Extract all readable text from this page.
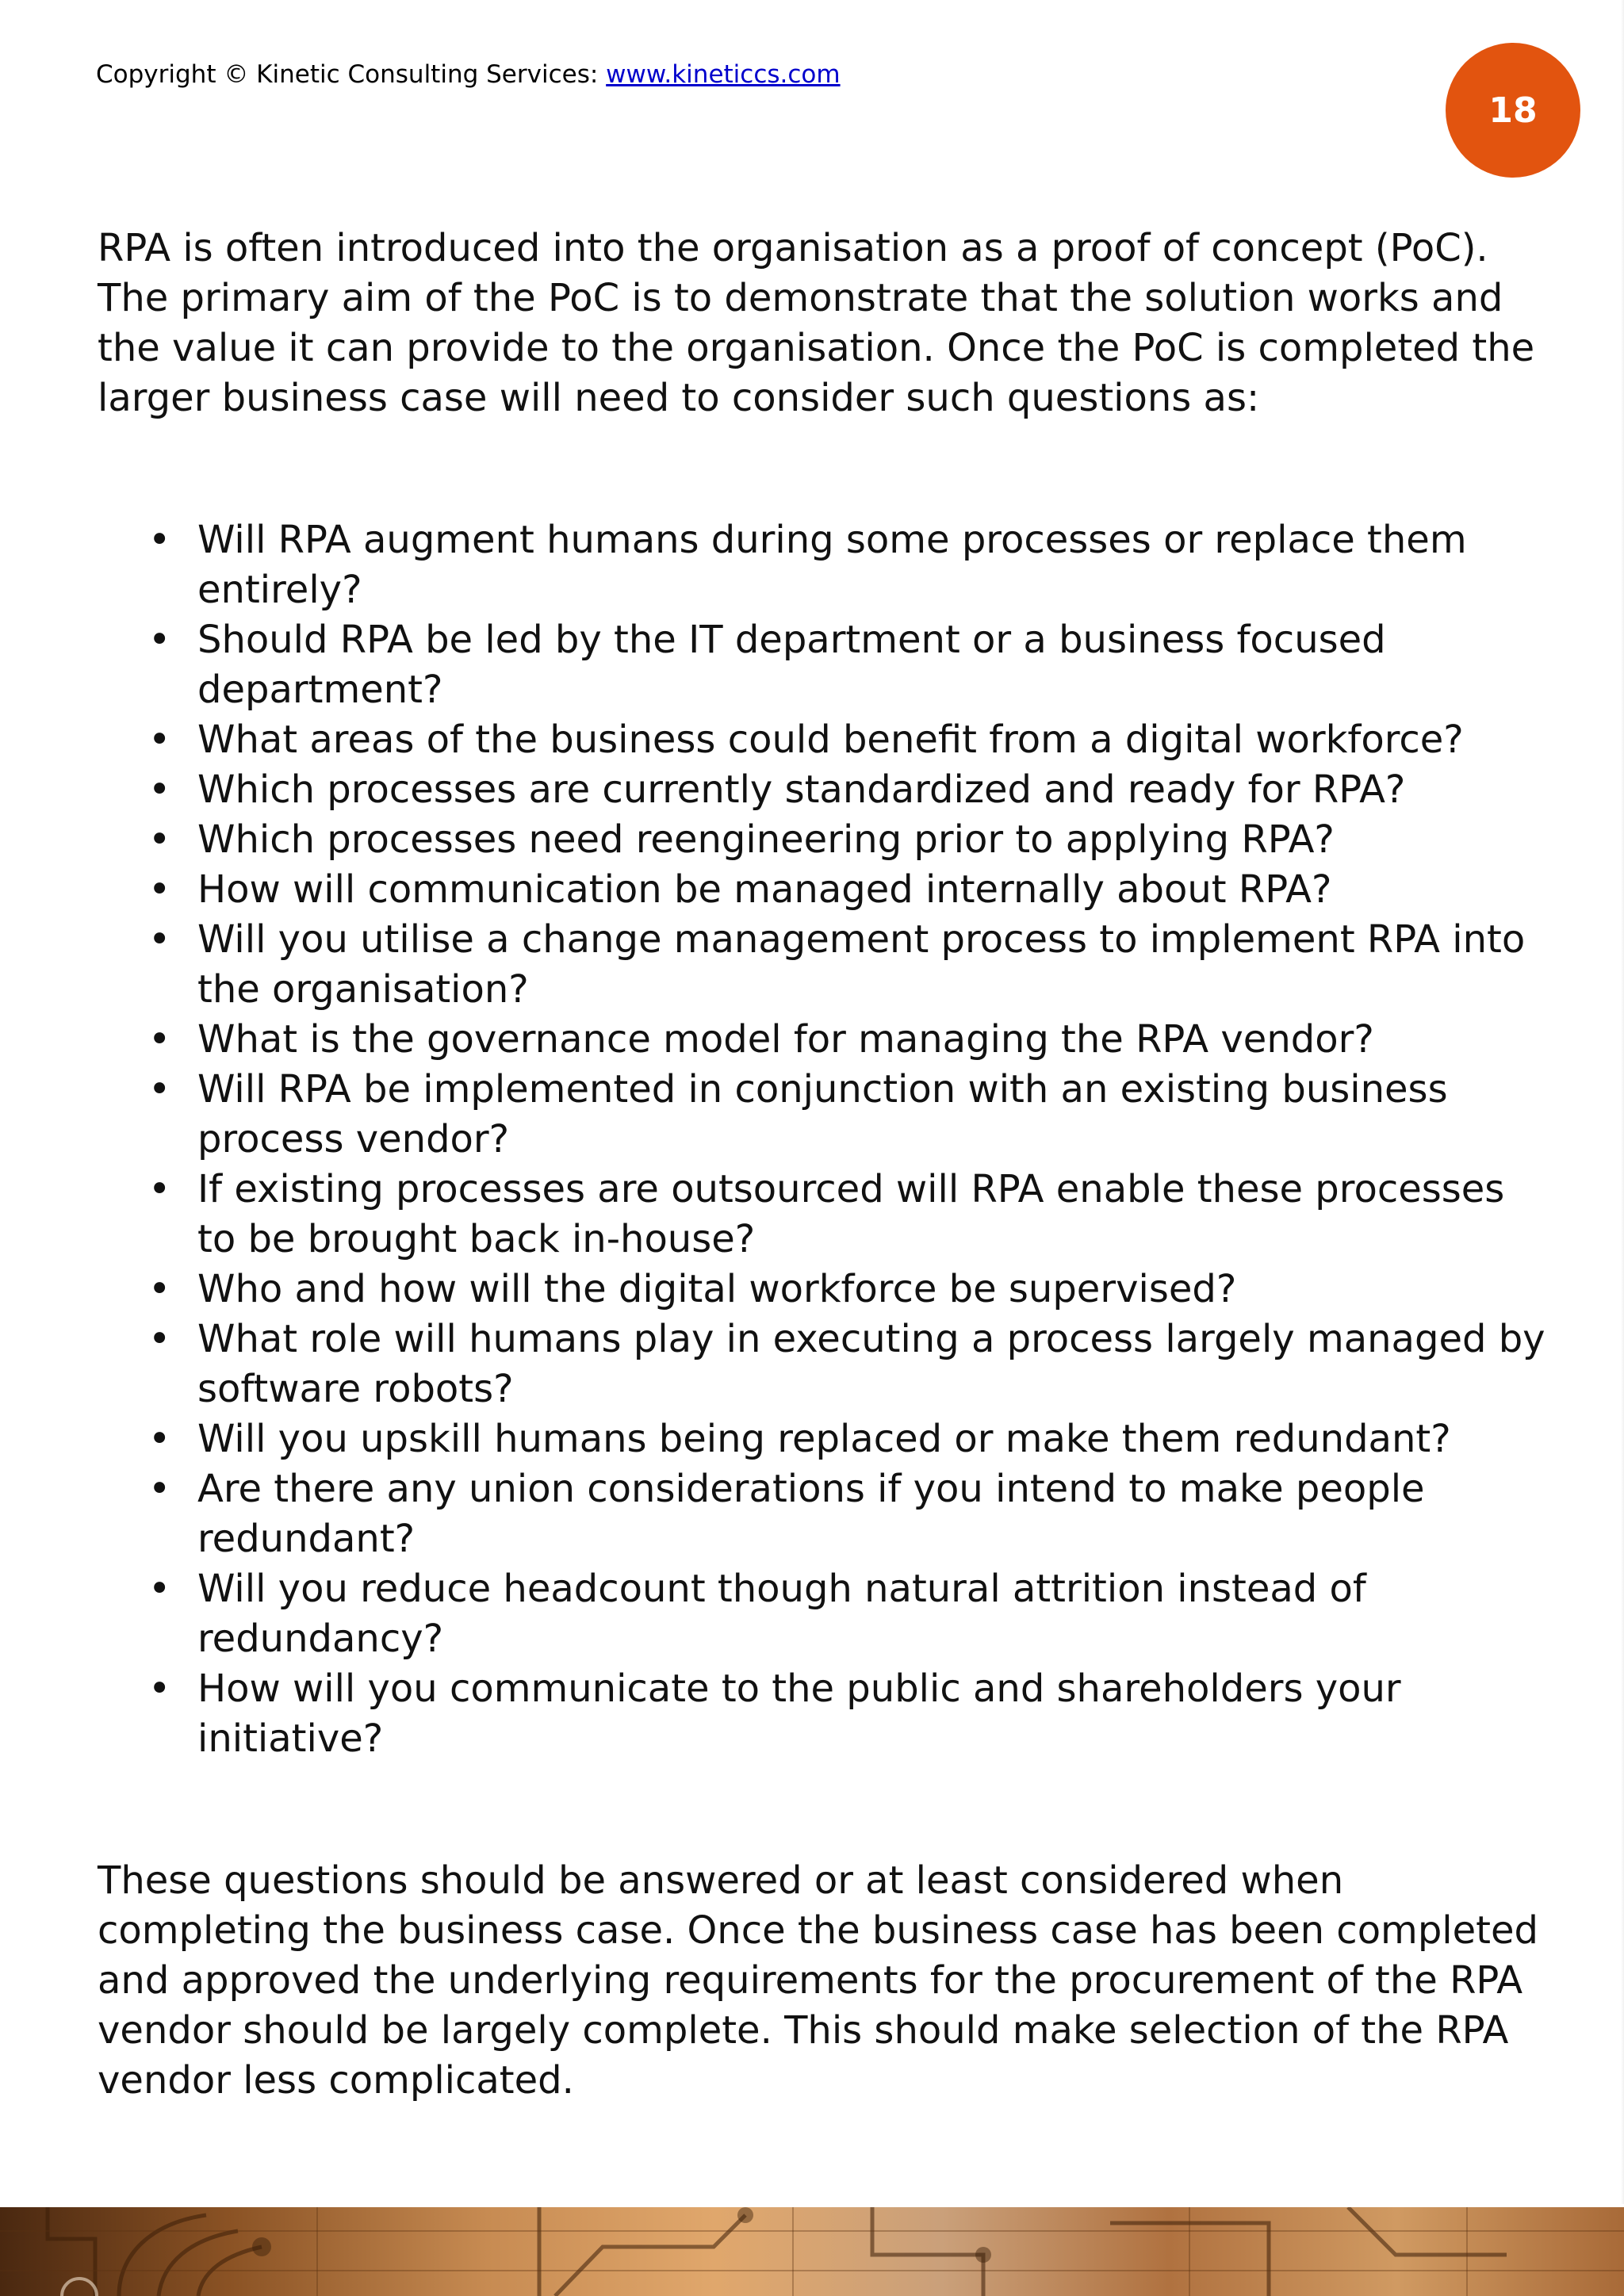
Copyright © Kinetic Consulting Services: www.kineticcs.com
18

RPA is often introduced into the organisation as a proof of concept (PoC). The primary aim of the PoC is to demonstrate that the solution works and the value it can provide to the organisation. Once the PoC is completed the larger business case will need to consider such questions as:

• Will RPA augment humans during some processes or replace them entirely?
• Should RPA be led by the IT department or a business focused department?
• What areas of the business could benefit from a digital workforce?
• Which processes are currently standardized and ready for RPA?
• Which processes need reengineering prior to applying RPA?
• How will communication be managed internally about RPA?
• Will you utilise a change management process to implement RPA into the organisation?
• What is the governance model for managing the RPA vendor?
• Will RPA be implemented in conjunction with an existing business process vendor?
• If existing processes are outsourced will RPA enable these processes to be brought back in-house?
• Who and how will the digital workforce be supervised?
• What role will humans play in executing a process largely managed by software robots?
• Will you upskill humans being replaced or make them redundant?
• Are there any union considerations if you intend to make people redundant?
• Will you reduce headcount though natural attrition instead of redundancy?
• How will you communicate to the public and shareholders your initiative?

These questions should be answered or at least considered when completing the business case. Once the business case has been completed and approved the underlying requirements for the procurement of the RPA vendor should be largely complete. This should make selection of the RPA vendor less complicated.
